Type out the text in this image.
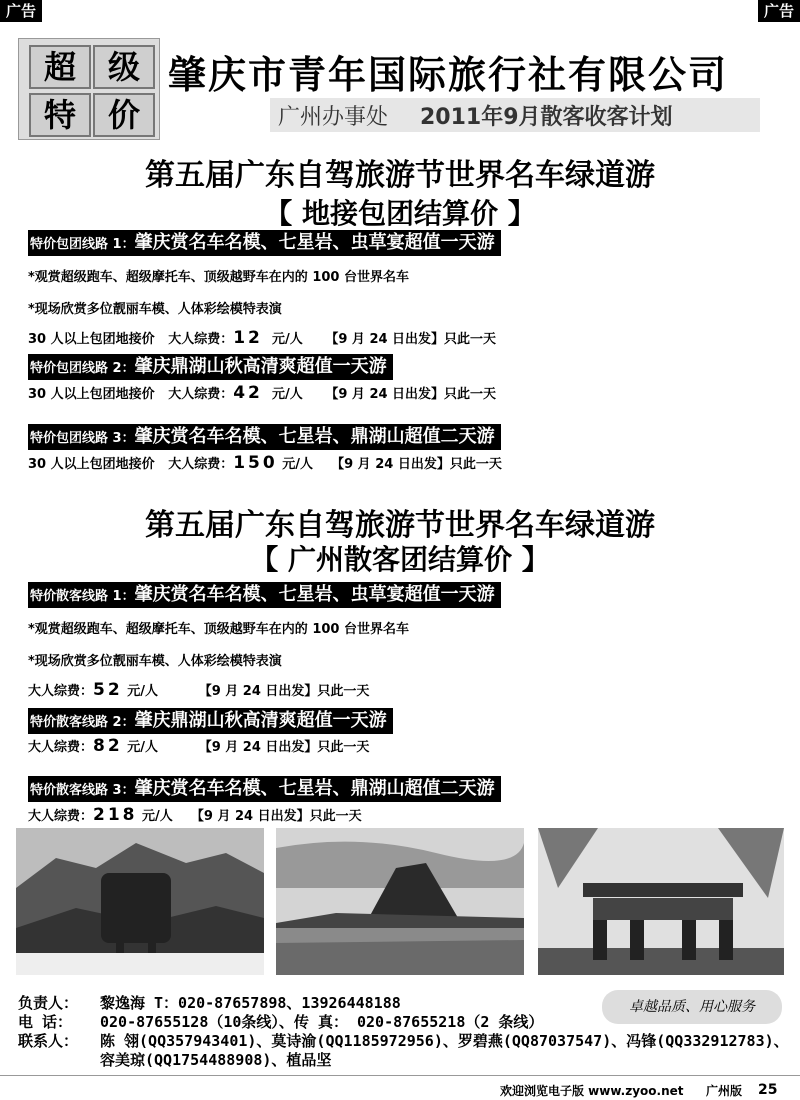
广告	广告
超 级
特 价
肇庆市青年国际旅行社有限公司
广州办事处 2011年9月散客收客计划
第五届广东自驾旅游节世界名车绿道游
【 地接包团结算价 】
特价包团线路 1：肇庆赏名车名模、七星岩、虫草宴超值一天游
*观赏超级跑车、超级摩托车、顶级越野车在内的 100 台世界名车
*现场欣赏多位靓丽车模、人体彩绘模特表演
30 人以上包团地接价 大人综费：12 元/人 【9 月 24 日出发】只此一天
特价包团线路 2：肇庆鼎湖山秋高清爽超值一天游
30 人以上包团地接价 大人综费：42 元/人 【9 月 24 日出发】只此一天
特价包团线路 3：肇庆赏名车名模、七星岩、鼎湖山超值二天游
30 人以上包团地接价 大人综费：150 元/人 【9 月 24 日出发】只此一天
第五届广东自驾旅游节世界名车绿道游
【 广州散客团结算价 】
特价散客线路 1：肇庆赏名车名模、七星岩、虫草宴超值一天游
*观赏超级跑车、超级摩托车、顶级越野车在内的 100 台世界名车
*现场欣赏多位靓丽车模、人体彩绘模特表演
大人综费：52 元/人	【9 月 24 日出发】只此一天
特价散客线路 2：肇庆鼎湖山秋高清爽超值一天游
大人综费：82 元/人	【9 月 24 日出发】只此一天
特价散客线路 3：肇庆赏名车名模、七星岩、鼎湖山超值二天游
大人综费：218 元/人 【9 月 24 日出发】只此一天
负责人： 黎逸海 T：020-87657898、13926448188
电 话： 020-87655128（10条线）、传 真： 020-87655218（2 条线）
联系人： 陈 翎(QQ357943401)、莫诗渝(QQ1185972956)、罗碧燕(QQ87037547)、冯锋(QQ332912783)、
容美琼(QQ1754488908)、植品坚
卓越品质、用心服务
欢迎浏览电子版 www.zyoo.net 广州版 25
